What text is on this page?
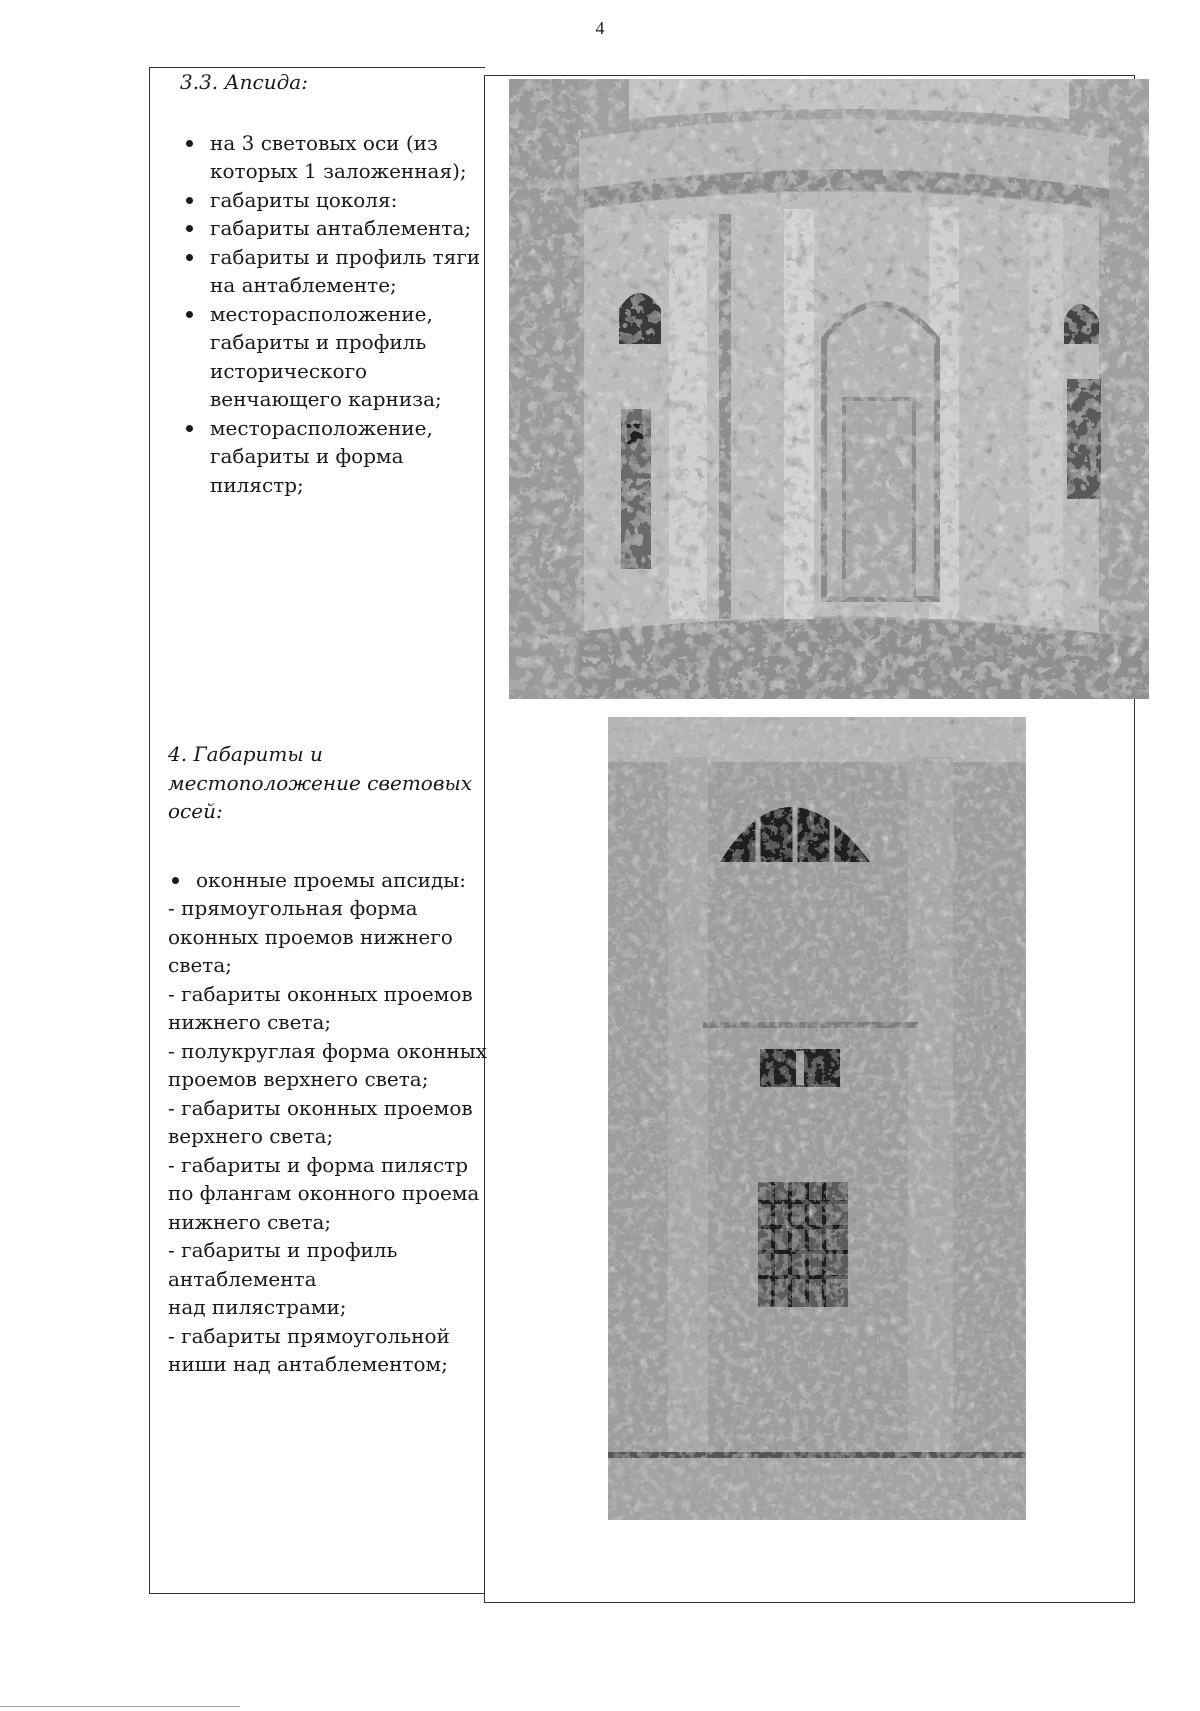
4
3.3. Апсида:
на 3 световых оси (из которых 1 заложенная);
габариты цоколя:
габариты антаблемента;
габариты и профиль тяги на антаблементе;
месторасположение, габариты и профиль исторического венчающего карниза;
месторасположение, габариты и форма пилястр;
4. Габариты и местоположение световых осей:
оконные проемы апсиды:
- прямоугольная форма оконных проемов нижнего света;
- габариты оконных проемов нижнего света;
- полукруглая форма оконных проемов верхнего света;
- габариты оконных проемов верхнего света;
- габариты и форма пилястр по флангам оконного проема нижнего света;
- габариты и профиль антаблемента
над пилястрами;
- габариты прямоугольной ниши над антаблементом;
